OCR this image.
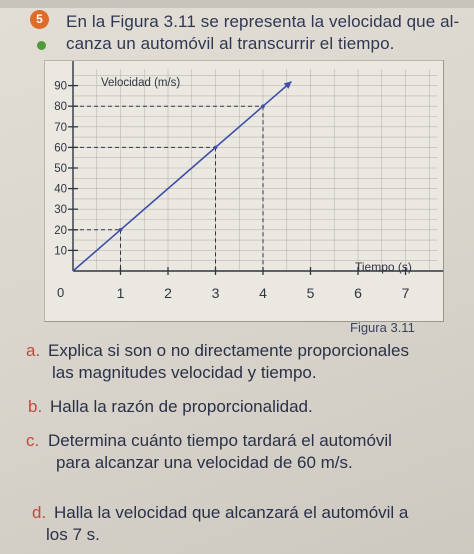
5	En la Figura 3.11 se representa la velocidad que al-
canza un automóvil al transcurrir el tiempo.
1	2	3	4	5	6	7
10
20
30
40
50
60
70
80
90	Velocidad (m/s)
Tiempo (s)
0
Figura 3.11
a. Explica si son o no directamente proporcionales
las magnitudes velocidad y tiempo.
b. Halla la razón de proporcionalidad.
c. Determina cuánto tiempo tardará el automóvil
para alcanzar una velocidad de 60 m/s.
d. Halla la velocidad que alcanzará el automóvil a
los 7 s.
